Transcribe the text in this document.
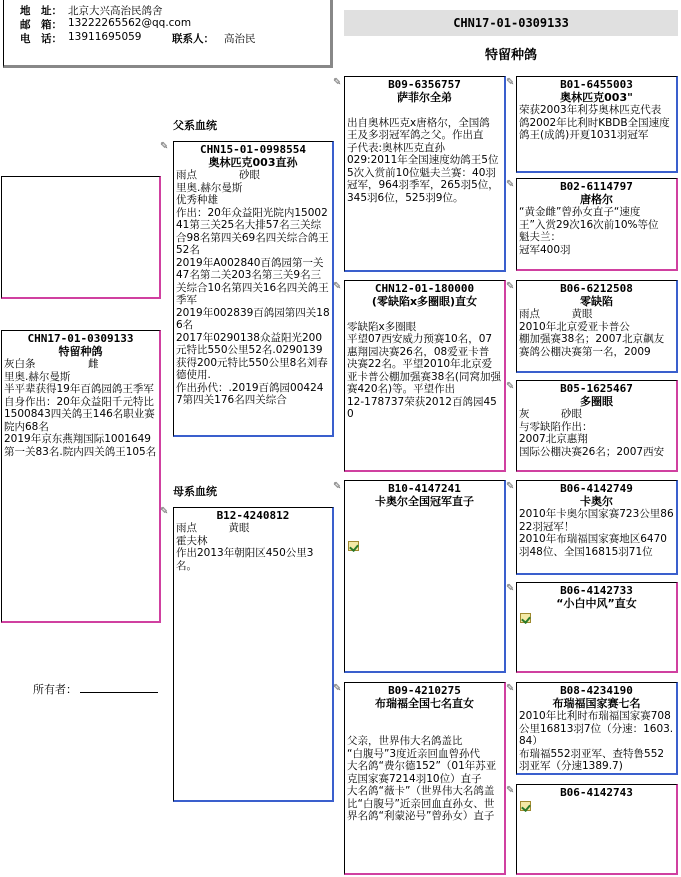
地　址： 北京大兴高治民鸽舍
邮　箱： 13222265562@qq.com
电　话： 13911695059	联系人： 高治民
CHN17-01-0309133
特留种鸽
父系血统
母系血统
所有者：
CHN17-01-0309133
特留种鸽
灰白条　　　　　雌
里奥.赫尔曼斯
半平辈获得19年百鸽园鸽王季军
自身作出：20年众益阳千元特比1500843四关鸽王146名职业赛院内68名
2019年京东燕翔国际1001649第一关83名.院内四关鸽王105名
✎	CHN15-01-0998554
奥林匹克003直孙
雨点　　　　砂眼
里奥.赫尔曼斯
优秀种雄
作出：20年众益阳光院内1500241第三关25名大排57名三关综合98名第四关69名四关综合鸽王52名
2019年A002840百鸽园第一关47名第二关203名第三关9名三关综合10名第四关16名四关鸽王季军
2019年002839百鸽园第四关186名
2017年0290138众益阳光200元特比550公里52名.0290139获得200元特比550公里8名刘春德使用.
作出孙代：.2019百鸽园004247第四关176名四关综合
✎	B12-4240812
雨点　　　黄眼
霍夫林
作出2013年朝阳区450公里3名。
✎	B09-6356757
萨菲尔全弟

出自奥林匹克x唐格尔，全国鸽
王及多羽冠军鸽之父。作出直
子代表:奥林匹克直孙
029:2011年全国速度幼鸽王5位
5次入赏前10位魁夫兰赛：40羽冠军，964羽季军，265羽5位，345羽6位，525羽9位。
✎	CHN12-01-180000
(零缺陷x多圈眼)直女

零缺陷x多圈眼
平望07西安威力预赛10名，07
惠翔园决赛26名，08爱亚卡普
决赛22名。平望2010年北京爱
亚卡普公棚加强赛38名(同窝加强赛420名)等。平望作出
12-178737荣获2012百鸽园450
✎	B10-4147241
卡奥尔全国冠军直子
✎	B09-4210275
布瑞福全国七名直女

父亲，世界伟大名鸽盖比
“白腹号”3度近亲回血曾孙代
大名鸽“费尔德152”（01年苏亚克国家赛7214羽10位）直子
大名鸽“薇卡”（世界伟大名鸽盖比“白腹号”近亲回血直孙女、世界名鸽“利蒙泌号”曾孙女）直子
✎	B01-6455003
奥林匹克003"
荣获2003年利芬奥林匹克代表
鸽2002年比利时KBDB全国速度
鸽王(成鸽)开夏1031羽冠军
✎	B02-6114797
唐格尔
“黄金雌”曾孙女直子“速度
王”入赏29次16次前10%等位
魁夫兰：
冠军400羽
✎	B06-6212508
零缺陷
雨点　　　黄眼
2010年北京爱亚卡普公
棚加强赛38名；2007北京飙友
赛鸽公棚决赛第一名，2009
✎	B05-1625467
多圈眼
灰　　　砂眼
与零缺陷作出：
2007北京惠翔
国际公棚决赛26名；2007西安
✎	B06-4142749
卡奥尔
2010年卡奥尔国家赛723公里8622羽冠军！
2010年布瑞福国家赛地区6470羽48位、全国16815羽71位
✎	B06-4142733
“小白中风”直女
✎	B08-4234190
布瑞福国家赛七名
2010年比利时布瑞福国家赛708公里16813羽7位（分速：1603.84）
布瑞福552羽亚军、查特鲁552羽亚军（分速1389.7)
✎	B06-4142743
